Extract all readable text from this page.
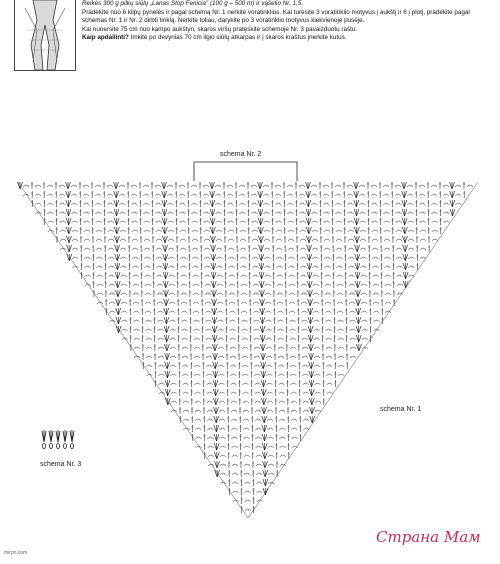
Reikės 300 g pilkų siūlų „Lanas Stop Fenicia" (100 g – 500 m) ir vąšelio Nr. 1,5.

Pradėkite nuo 6 kilpų pynelės ir pagal schemą Nr. 1 nerkite voratinklius. Kai turėsite 3 voratinklio motyvus į aukštį ir 6 į plotį, pradėkite pagal schemas Nr. 1 ir Nr. 2 dirbti tinklą. Nerkite toliau, darykite po 3 voratinklio motyvus kiekvienoje pusėje.

Kai nunersite 75 cm nuo kampo aukštyn, skaros viršų pratęskite schemoje Nr. 3 pavaizduotu raštu.

Kaip apdailinti? Imkite po devynias 70 cm ilgio siūlų atkarpas ir į skaros kraštus įnerkite kutus.

schema Nr. 2
schema Nr. 1
schema Nr. 3
mirpo.com
Страна Мам
